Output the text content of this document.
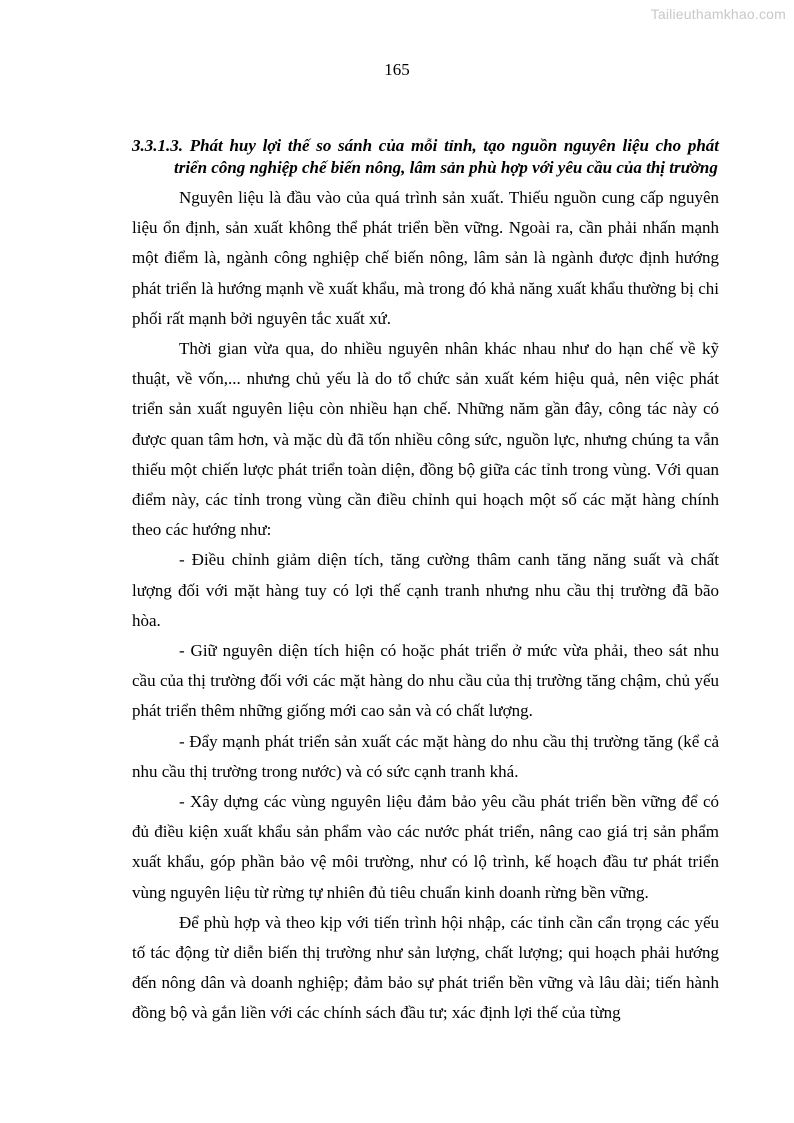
Tailieuthamkhao.com
165

3.3.1.3. Phát huy lợi thế so sánh của mỗi tỉnh, tạo nguồn nguyên liệu cho phát triển công nghiệp chế biến nông, lâm sản phù hợp với yêu cầu của thị trường

Nguyên liệu là đầu vào của quá trình sản xuất. Thiếu nguồn cung cấp nguyên liệu ổn định, sản xuất không thể phát triển bền vững. Ngoài ra, cần phải nhấn mạnh một điểm là, ngành công nghiệp chế biến nông, lâm sản là ngành được định hướng phát triển là hướng mạnh về xuất khẩu, mà trong đó khả năng xuất khẩu thường bị chi phối rất mạnh bởi nguyên tắc xuất xứ.

Thời gian vừa qua, do nhiều nguyên nhân khác nhau như do hạn chế về kỹ thuật, về vốn,... nhưng chủ yếu là do tổ chức sản xuất kém hiệu quả, nên việc phát triển sản xuất nguyên liệu còn nhiều hạn chế. Những năm gần đây, công tác này có được quan tâm hơn, và mặc dù đã tốn nhiều công sức, nguồn lực, nhưng chúng ta vẫn thiếu một chiến lược phát triển toàn diện, đồng bộ giữa các tỉnh trong vùng. Với quan điểm này, các tỉnh trong vùng cần điều chỉnh qui hoạch một số các mặt hàng chính theo các hướng như:

- Điều chỉnh giảm diện tích, tăng cường thâm canh tăng năng suất và chất lượng đối với mặt hàng tuy có lợi thế cạnh tranh nhưng nhu cầu thị trường đã bão hòa.

- Giữ nguyên diện tích hiện có hoặc phát triển ở mức vừa phải, theo sát nhu cầu của thị trường đối với các mặt hàng do nhu cầu của thị trường tăng chậm, chủ yếu phát triển thêm những giống mới cao sản và có chất lượng.

- Đẩy mạnh phát triển sản xuất các mặt hàng do nhu cầu thị trường tăng (kể cả nhu cầu thị trường trong nước) và có sức cạnh tranh khá.

- Xây dựng các vùng nguyên liệu đảm bảo yêu cầu phát triển bền vững để có đủ điều kiện xuất khẩu sản phẩm vào các nước phát triển, nâng cao giá trị sản phẩm xuất khẩu, góp phần bảo vệ môi trường, như có lộ trình, kế hoạch đầu tư phát triển vùng nguyên liệu từ rừng tự nhiên đủ tiêu chuẩn kinh doanh rừng bền vững.

Để phù hợp và theo kịp với tiến trình hội nhập, các tỉnh cần cẩn trọng các yếu tố tác động từ diễn biến thị trường như sản lượng, chất lượng; qui hoạch phải hướng đến nông dân và doanh nghiệp; đảm bảo sự phát triển bền vững và lâu dài; tiến hành đồng bộ và gắn liền với các chính sách đầu tư; xác định lợi thế của từng
